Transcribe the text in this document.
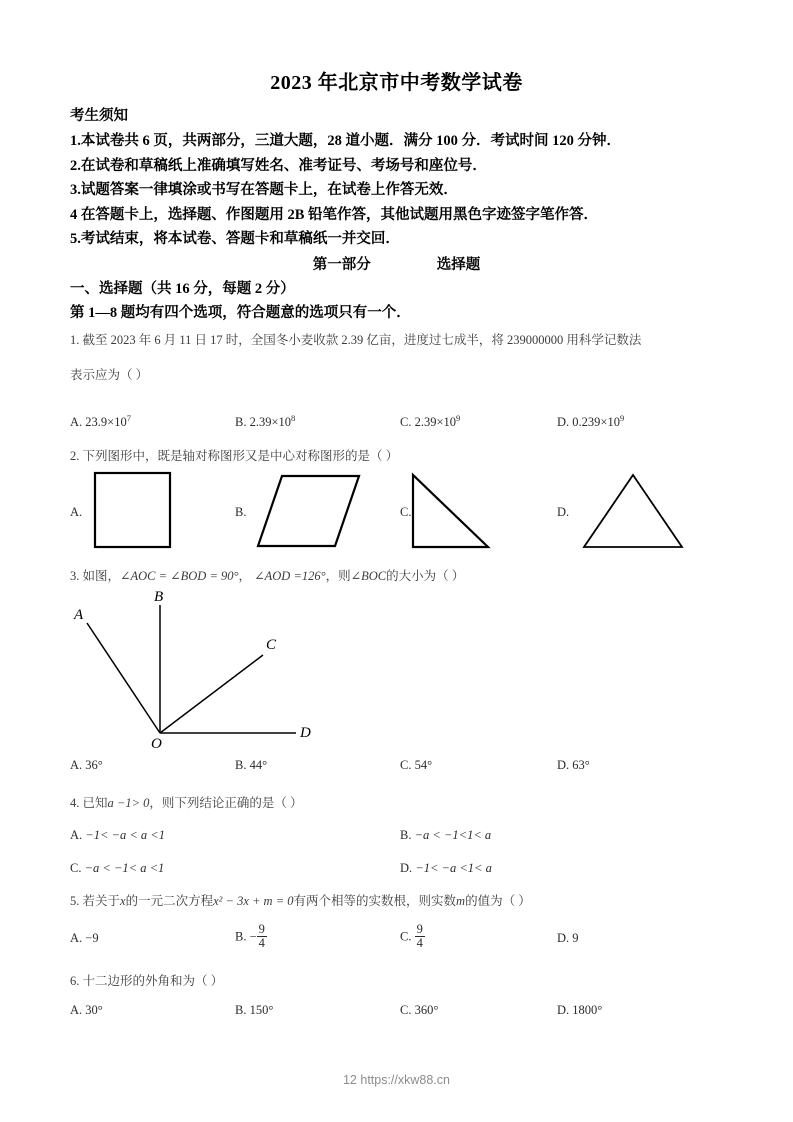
2023 年北京市中考数学试卷
考生须知
1.本试卷共 6 页，共两部分，三道大题，28 道小题．满分 100 分．考试时间 120 分钟．
2.在试卷和草稿纸上准确填写姓名、准考证号、考场号和座位号．
3.试题答案一律填涂或书写在答题卡上，在试卷上作答无效．
4 在答题卡上，选择题、作图题用 2B 铅笔作答，其他试题用黑色字迹签字笔作答．
5.考试结束，将本试卷、答题卡和草稿纸一并交回．
第一部分	选择题
一、选择题（共 16 分，每题 2 分）
第 1—8 题均有四个选项，符合题意的选项只有一个．
1. 截至 2023 年 6 月 11 日 17 时，全国冬小麦收款 2.39 亿亩，进度过七成半，将 239000000 用科学记数法
表示应为（ ）
A. $23.9\times 10^7$	B. $2.39\times 10^8$	C. $2.39\times 10^9$	D. $0.239\times 10^9$
2. 下列图形中，既是轴对称图形又是中心对称图形的是（ ）
A.	B.	C.	D.
3. 如图，∠AOC = ∠BOD = 90°， ∠AOD =126°，则∠BOC的大小为（ ）
A
B
C
D
O
A. 36°	B. 44°	C. 54°	D. 63°
4. 已知a −1> 0，则下列结论正确的是（ ）
A. −1< −a < a <1	B. −a < −1<1< a
C. −a < −1< a <1	D. −1< −a <1< a
5. 若关于x的一元二次方程x² − 3x + m = 0有两个相等的实数根，则实数m的值为（ ）
A. −9	B. − $\frac{9}{4}$	C. $\frac{9}{4}$	D. 9
6. 十二边形的外角和为（ ）
A. 30°	B. 150°	C. 360°	D. 1800°
12 https://xkw88.cn
